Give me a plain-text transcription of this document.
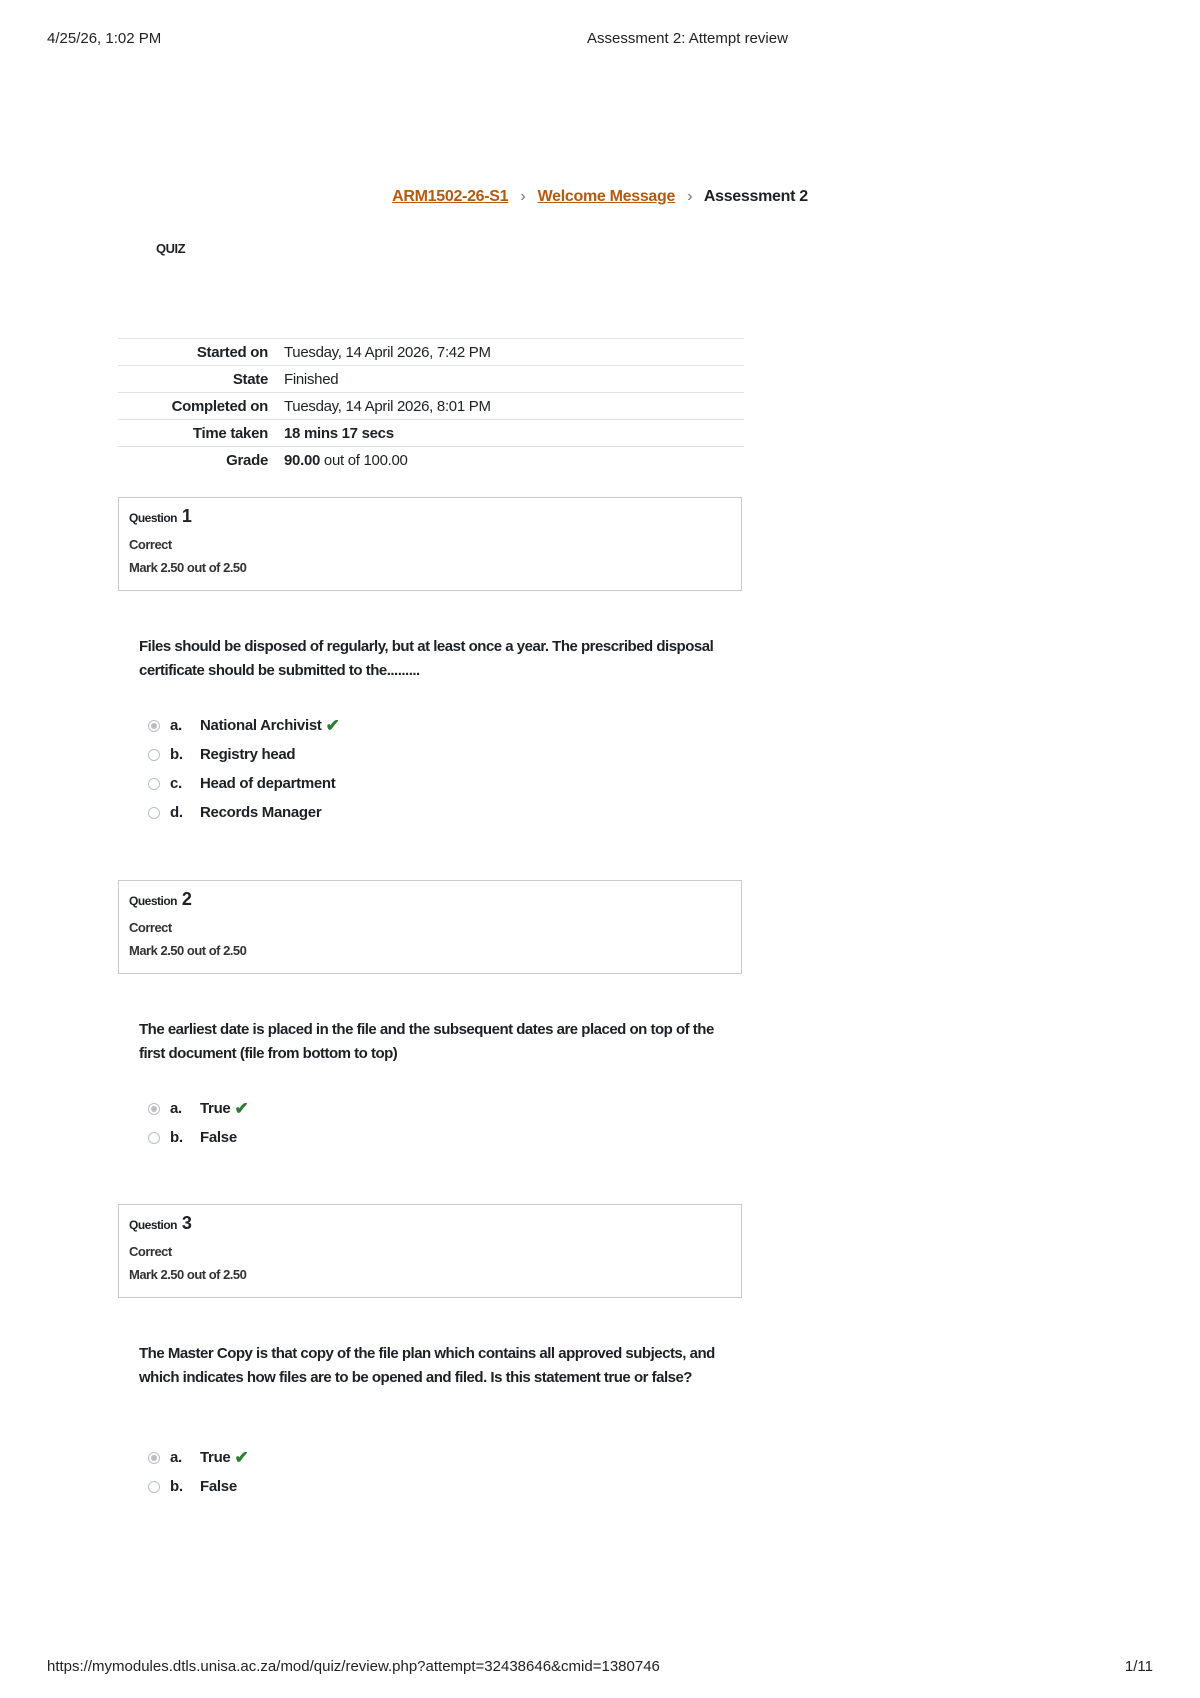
4/25/26, 1:02 PM	Assessment 2: Attempt review
ARM1502-26-S1 › Welcome Message › Assessment 2
QUIZ
Started on	Tuesday, 14 April 2026, 7:42 PM
State	Finished
Completed on	Tuesday, 14 April 2026, 8:01 PM
Time taken	18 mins 17 secs
Grade	90.00 out of 100.00
Question 1
Correct
Mark 2.50 out of 2.50
Files should be disposed of regularly, but at least once a year. The prescribed disposal certificate should be submitted to the.........
a.	National Archivist ✔
b.	Registry head
c.	Head of department
d.	Records Manager
Question 2
Correct
Mark 2.50 out of 2.50
The earliest date is placed in the file and the subsequent dates are placed on top of the first document (file from bottom to top)
a.	True ✔
b.	False
Question 3
Correct
Mark 2.50 out of 2.50
The Master Copy is that copy of the file plan which contains all approved subjects, and which indicates how files are to be opened and filed. Is this statement true or false?
a.	True ✔
b.	False
https://mymodules.dtls.unisa.ac.za/mod/quiz/review.php?attempt=32438646&cmid=1380746	1/11
